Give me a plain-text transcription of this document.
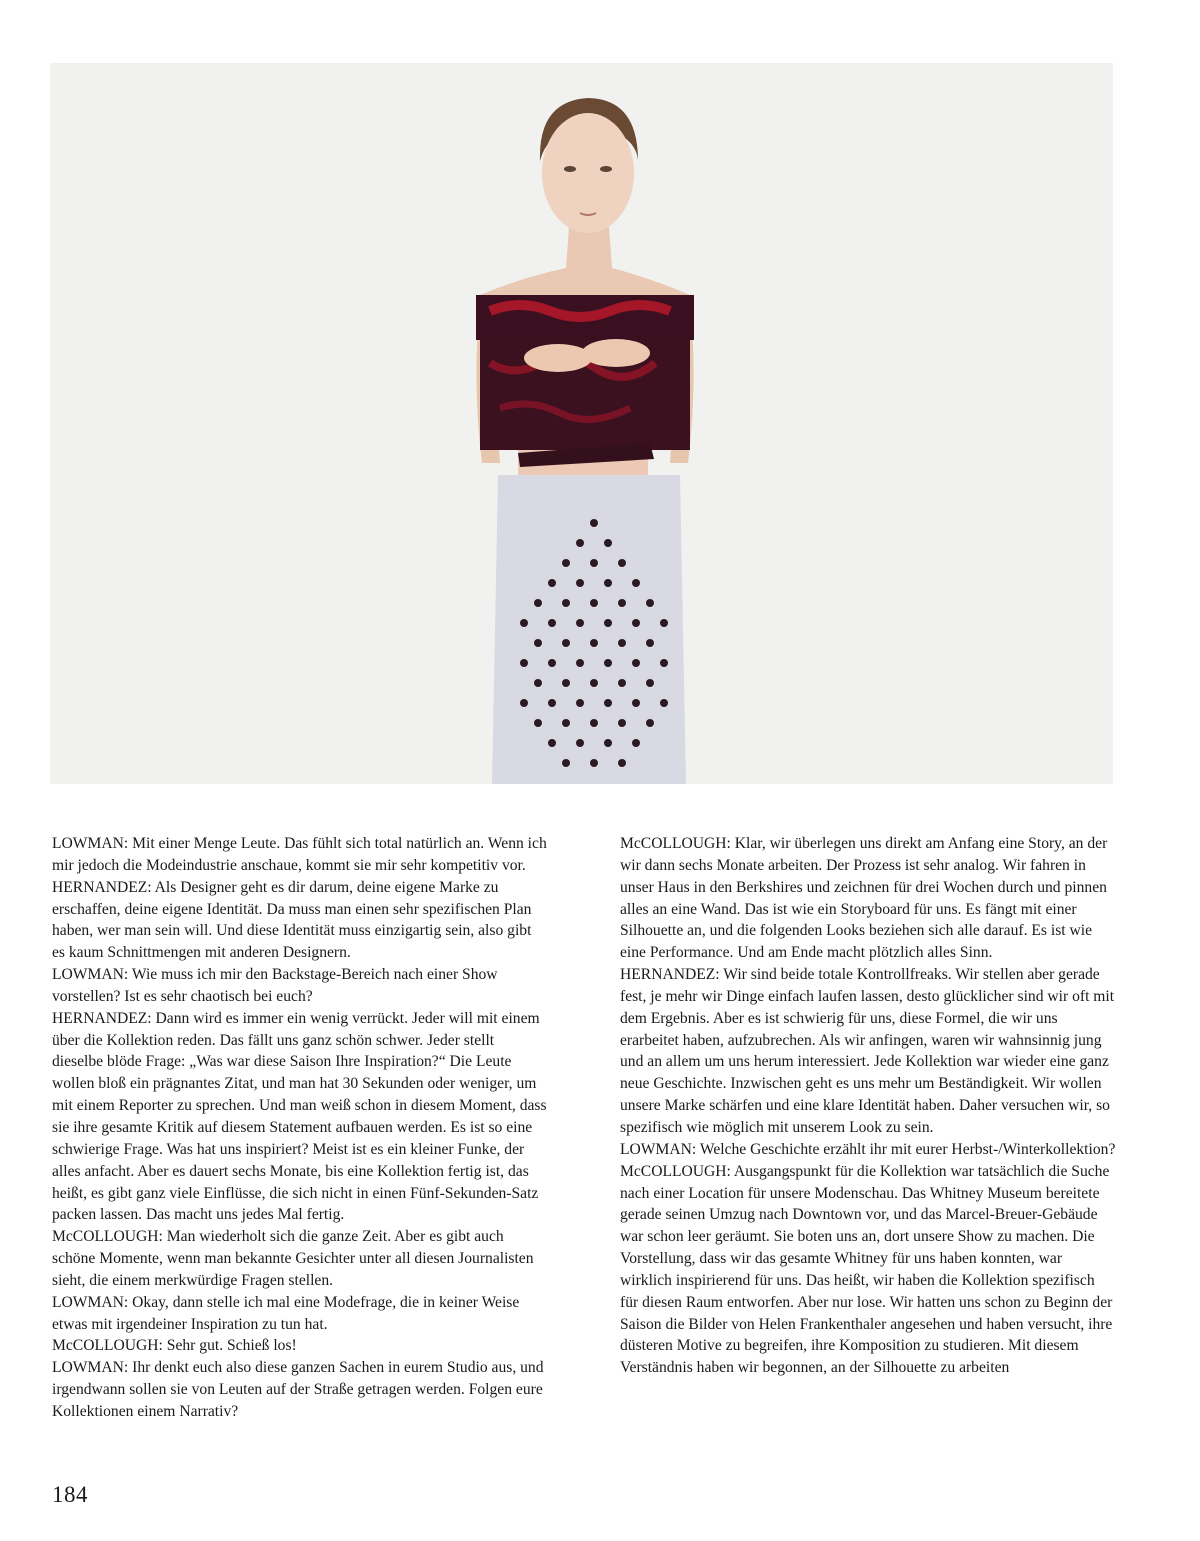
LOWMAN: Mit einer Menge Leute. Das fühlt sich total natürlich an. Wenn ich mir jedoch die Modeindustrie anschaue, kommt sie mir sehr kompetitiv vor.

HERNANDEZ: Als Designer geht es dir darum, deine eigene Marke zu erschaffen, deine eigene Identität. Da muss man einen sehr spezifischen Plan haben, wer man sein will. Und diese Identität muss einzigartig sein, also gibt es kaum Schnittmengen mit anderen Designern.

LOWMAN: Wie muss ich mir den Backstage-Bereich nach einer Show vorstellen? Ist es sehr chaotisch bei euch?

HERNANDEZ: Dann wird es immer ein wenig verrückt. Jeder will mit einem über die Kollektion reden. Das fällt uns ganz schön schwer. Jeder stellt dieselbe blöde Frage: „Was war diese Saison Ihre Inspiration?“ Die Leute wollen bloß ein prägnantes Zitat, und man hat 30 Sekunden oder weniger, um mit einem Reporter zu sprechen. Und man weiß schon in diesem Moment, dass sie ihre gesamte Kritik auf diesem Statement aufbauen werden. Es ist so eine schwierige Frage. Was hat uns inspiriert? Meist ist es ein kleiner Funke, der alles anfacht. Aber es dauert sechs Monate, bis eine Kollektion fertig ist, das heißt, es gibt ganz viele Einflüsse, die sich nicht in einen Fünf-Sekunden-Satz packen lassen. Das macht uns jedes Mal fertig.

McCOLLOUGH: Man wiederholt sich die ganze Zeit. Aber es gibt auch schöne Momente, wenn man bekannte Gesichter unter all diesen Journalisten sieht, die einem merkwürdige Fragen stellen.

LOWMAN: Okay, dann stelle ich mal eine Modefrage, die in keiner Weise etwas mit irgendeiner Inspiration zu tun hat.

McCOLLOUGH: Sehr gut. Schieß los!

LOWMAN: Ihr denkt euch also diese ganzen Sachen in eurem Studio aus, und irgendwann sollen sie von Leuten auf der Straße getragen werden. Folgen eure Kollektionen einem Narrativ?

McCOLLOUGH: Klar, wir überlegen uns direkt am Anfang eine Story, an der wir dann sechs Monate arbeiten. Der Prozess ist sehr analog. Wir fahren in unser Haus in den Berkshires und zeichnen für drei Wochen durch und pinnen alles an eine Wand. Das ist wie ein Storyboard für uns. Es fängt mit einer Silhouette an, und die folgenden Looks beziehen sich alle darauf. Es ist wie eine Performance. Und am Ende macht plötzlich alles Sinn.

HERNANDEZ: Wir sind beide totale Kontrollfreaks. Wir stellen aber gerade fest, je mehr wir Dinge einfach laufen lassen, desto glücklicher sind wir oft mit dem Ergebnis. Aber es ist schwierig für uns, diese Formel, die wir uns erarbeitet haben, aufzubrechen. Als wir anfingen, waren wir wahnsinnig jung und an allem um uns herum interessiert. Jede Kollektion war wieder eine ganz neue Geschichte. Inzwischen geht es uns mehr um Beständigkeit. Wir wollen unsere Marke schärfen und eine klare Identität haben. Daher versuchen wir, so spezifisch wie möglich mit unserem Look zu sein.

LOWMAN: Welche Geschichte erzählt ihr mit eurer Herbst-/Winterkollektion?

McCOLLOUGH: Ausgangspunkt für die Kollektion war tatsächlich die Suche nach einer Location für unsere Modenschau. Das Whitney Museum bereitete gerade seinen Umzug nach Downtown vor, und das Marcel-Breuer-Gebäude war schon leer geräumt. Sie boten uns an, dort unsere Show zu machen. Die Vorstellung, dass wir das gesamte Whitney für uns haben konnten, war wirklich inspirierend für uns. Das heißt, wir haben die Kollektion spezifisch für diesen Raum entworfen. Aber nur lose. Wir hatten uns schon zu Beginn der Saison die Bilder von Helen Frankenthaler angesehen und haben versucht, ihre düsteren Motive zu begreifen, ihre Komposition zu studieren. Mit diesem Verständnis haben wir begonnen, an der Silhouette zu arbeiten

184
